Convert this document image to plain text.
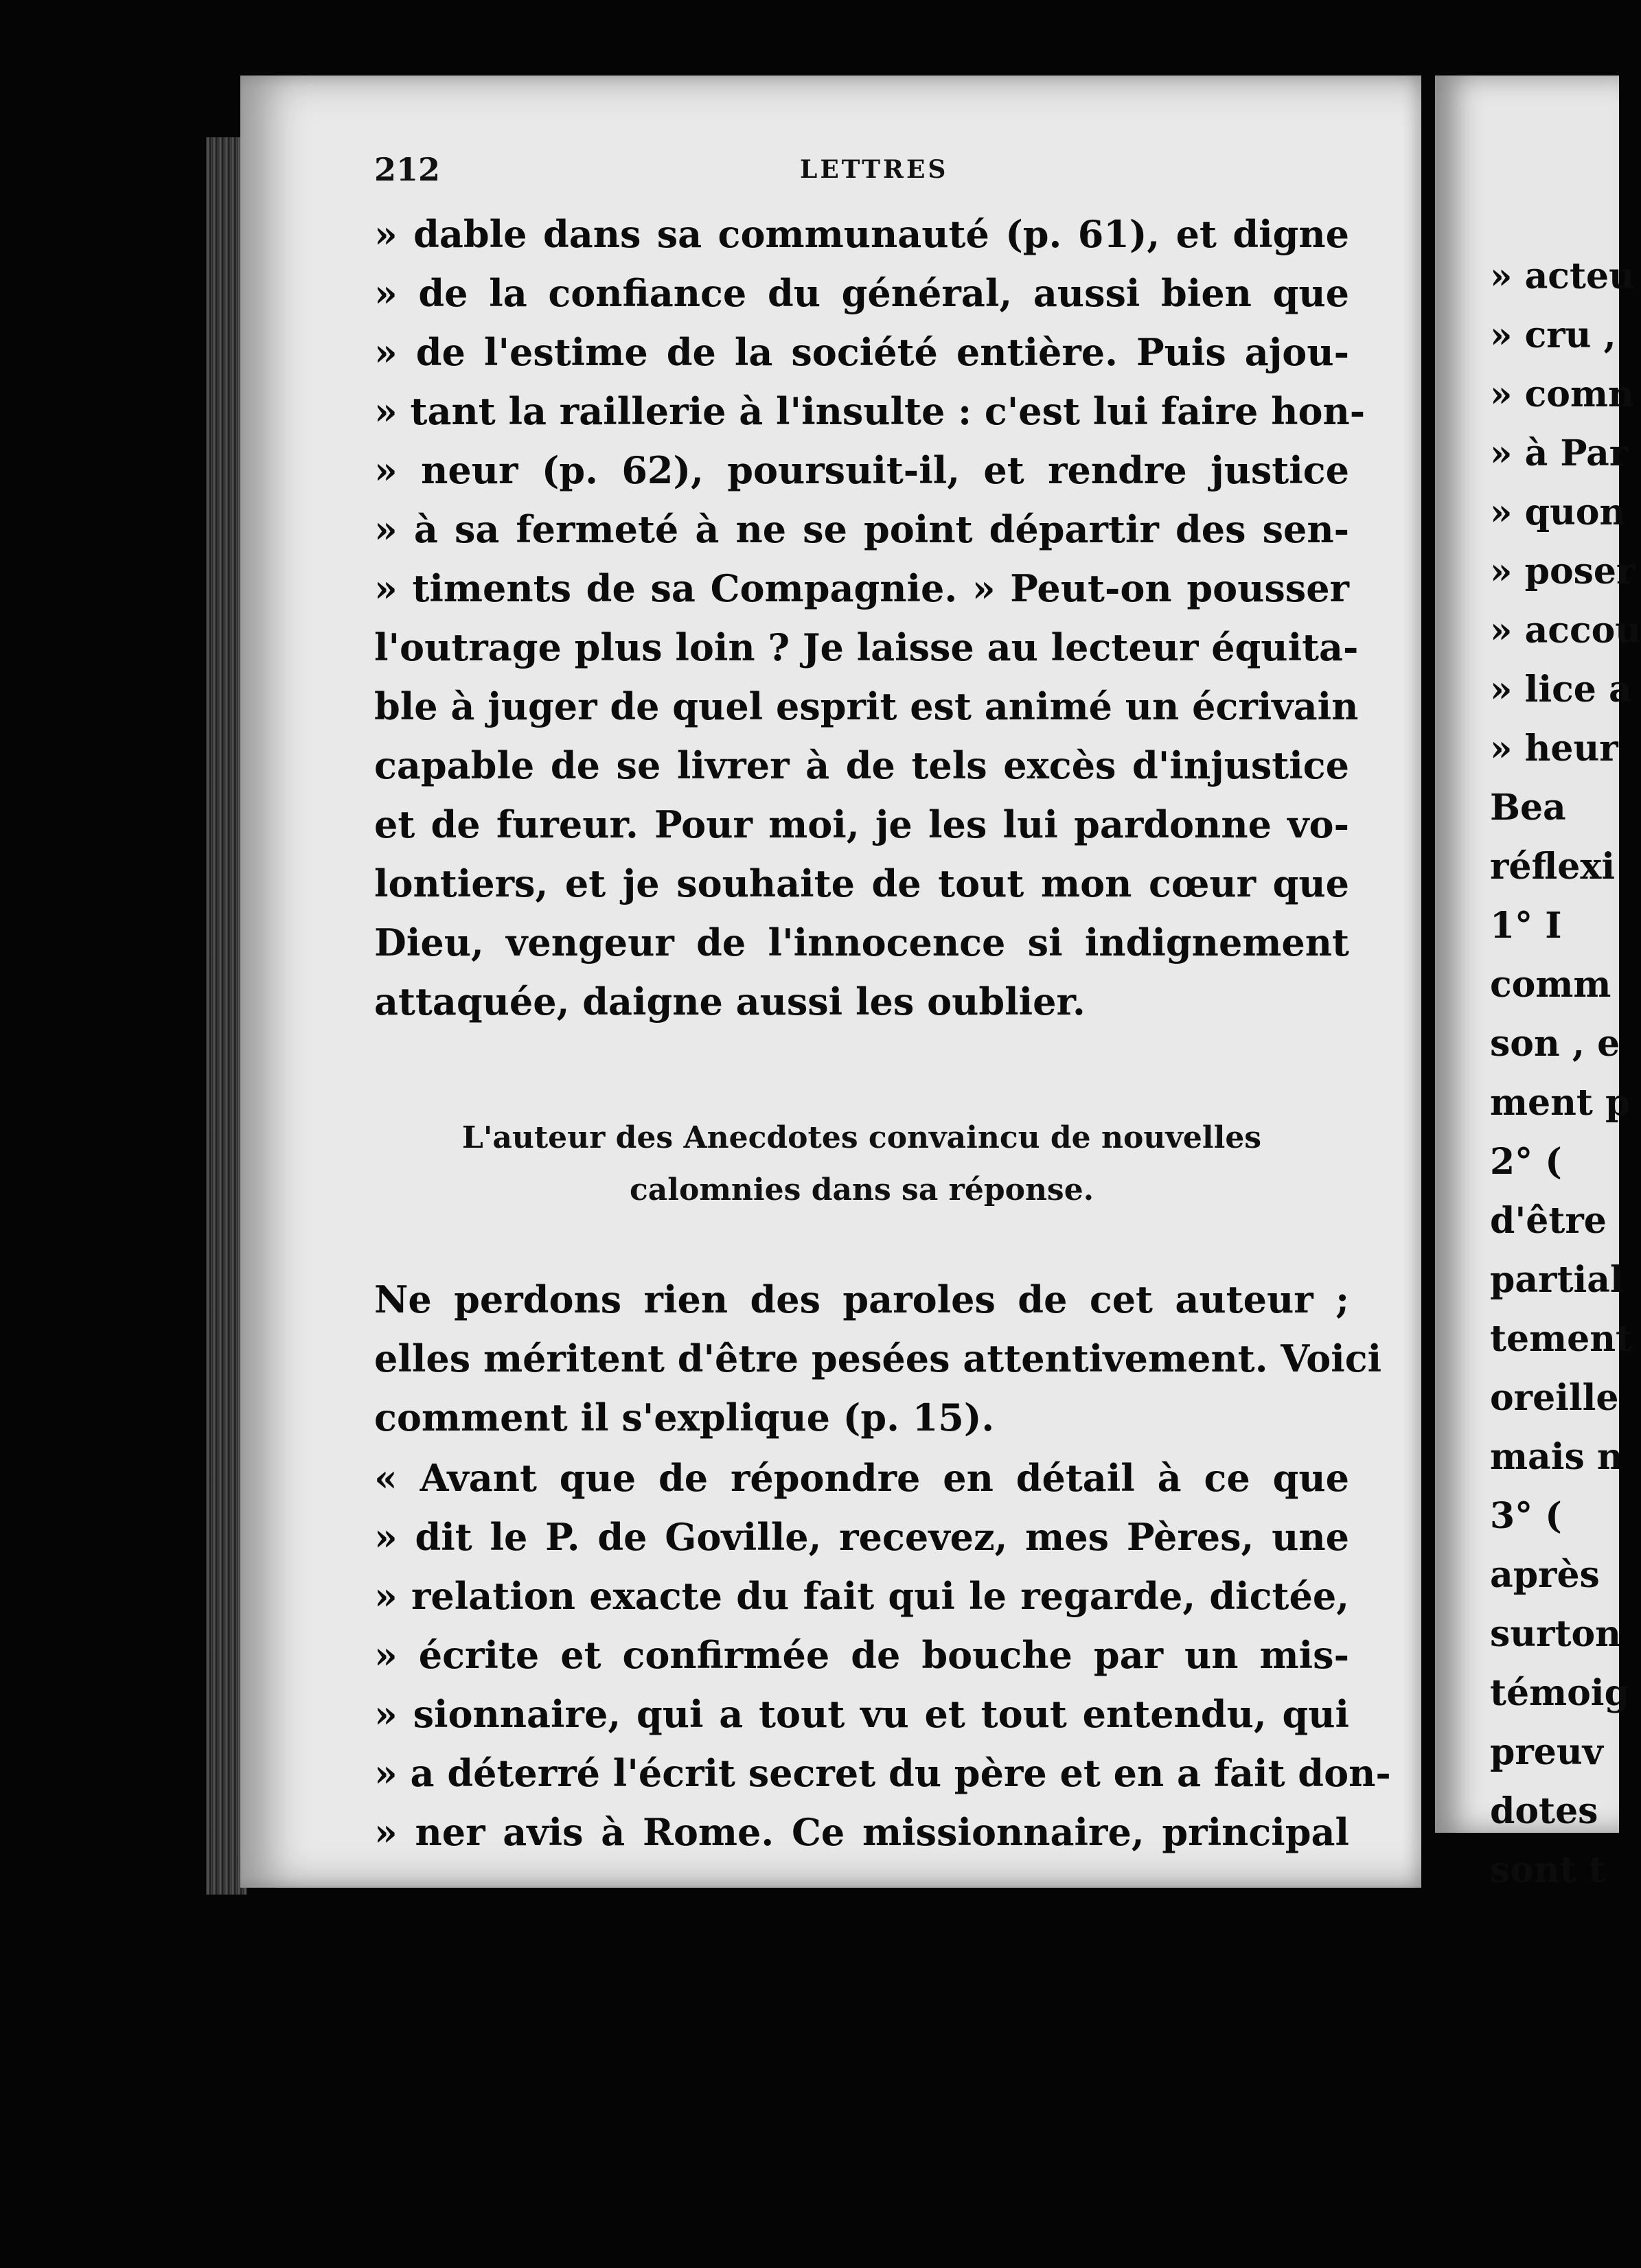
212	LETTRES
» dable dans sa communauté (p. 61), et digne
» de la confiance du général, aussi bien que
» de l'estime de la société entière. Puis ajou-
» tant la raillerie à l'insulte : c'est lui faire hon-
» neur (p. 62), poursuit-il, et rendre justice
» à sa fermeté à ne se point départir des sen-
» timents de sa Compagnie. » Peut-on pousser
l'outrage plus loin ? Je laisse au lecteur équita-
ble à juger de quel esprit est animé un écrivain
capable de se livrer à de tels excès d'injustice
et de fureur. Pour moi, je les lui pardonne vo-
lontiers, et je souhaite de tout mon cœur que
Dieu, vengeur de l'innocence si indignement
attaquée, daigne aussi les oublier.
L'auteur des Anecdotes convaincu de nouvelles
calomnies dans sa réponse.
Ne perdons rien des paroles de cet auteur ;
elles méritent d'être pesées attentivement. Voici
comment il s'explique (p. 15).
« Avant que de répondre en détail à ce que
» dit le P. de Goville, recevez, mes Pères, une
» relation exacte du fait qui le regarde, dictée,
» écrite et confirmée de bouche par un mis-
» sionnaire, qui a tout vu et tout entendu, qui
» a déterré l'écrit secret du père et en a fait don-
» ner avis à Rome. Ce missionnaire, principal
» acteu
» cru ,
» comn
» à Par
» quon
» poser
» accou
» lice a
» heur
Bea
réflexi
1° I
comm
son , e
ment p
2° (
d'être
partial
tement
oreille
mais n
3° (
après
surton
témoig
preuv
dotes
sont t
